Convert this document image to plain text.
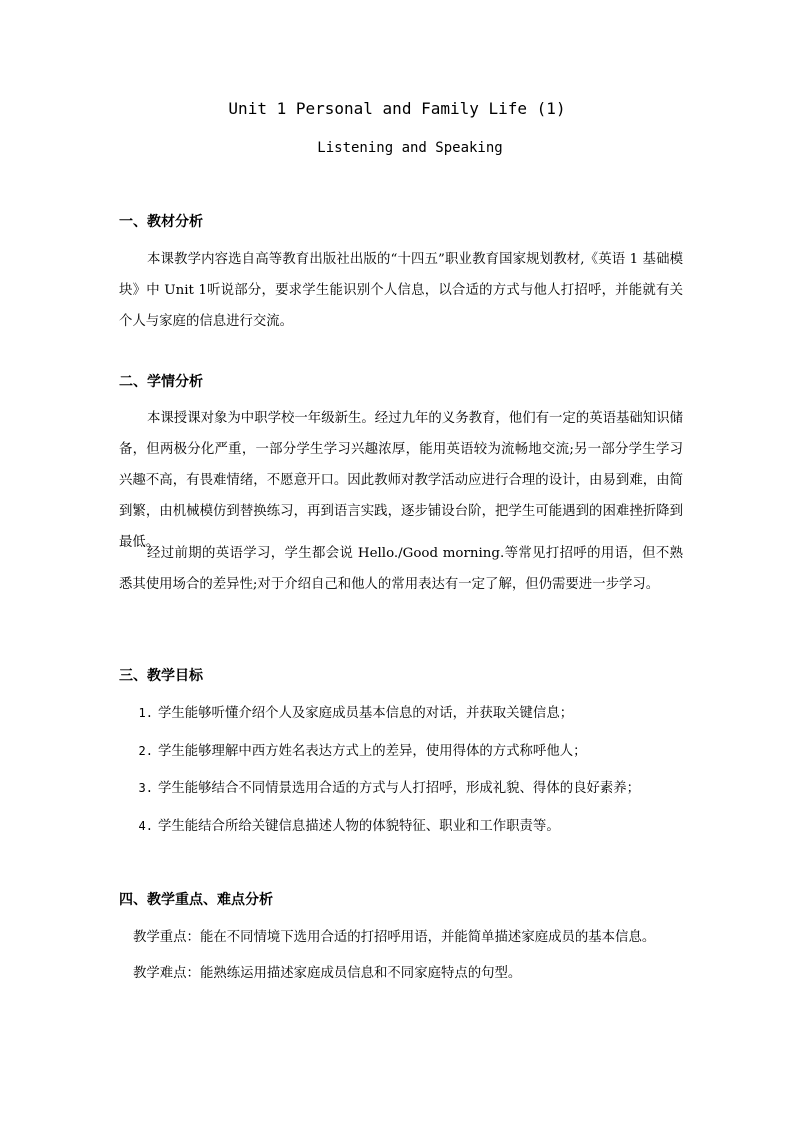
Unit 1 Personal and Family Life (1)
Listening and Speaking
一、教材分析

本课教学内容选自高等教育出版社出版的“十四五”职业教育国家规划教材,《英语 1 基础模块》中 Unit 1听说部分，要求学生能识别个人信息，以合适的方式与他人打招呼，并能就有关个人与家庭的信息进行交流。

二、学情分析

本课授课对象为中职学校一年级新生。经过九年的义务教育，他们有一定的英语基础知识储备，但两极分化严重，一部分学生学习兴趣浓厚，能用英语较为流畅地交流;另一部分学生学习兴趣不高，有畏难情绪，不愿意开口。因此教师对教学活动应进行合理的设计，由易到难，由简到繁，由机械模仿到替换练习，再到语言实践，逐步铺设台阶，把学生可能遇到的困难挫折降到最低。

经过前期的英语学习，学生都会说 Hello./Good morning.等常见打招呼的用语，但不熟悉其使用场合的差异性;对于介绍自己和他人的常用表达有一定了解，但仍需要进一步学习。

三、教学目标
1. 学生能够听懂介绍个人及家庭成员基本信息的对话，并获取关键信息；
2. 学生能够理解中西方姓名表达方式上的差异，使用得体的方式称呼他人；
3. 学生能够结合不同情景选用合适的方式与人打招呼，形成礼貌、得体的良好素养；
4. 学生能结合所给关键信息描述人物的体貌特征、职业和工作职责等。
四、教学重点、难点分析

教学重点：能在不同情境下选用合适的打招呼用语，并能简单描述家庭成员的基本信息。

教学难点：能熟练运用描述家庭成员信息和不同家庭特点的句型。
